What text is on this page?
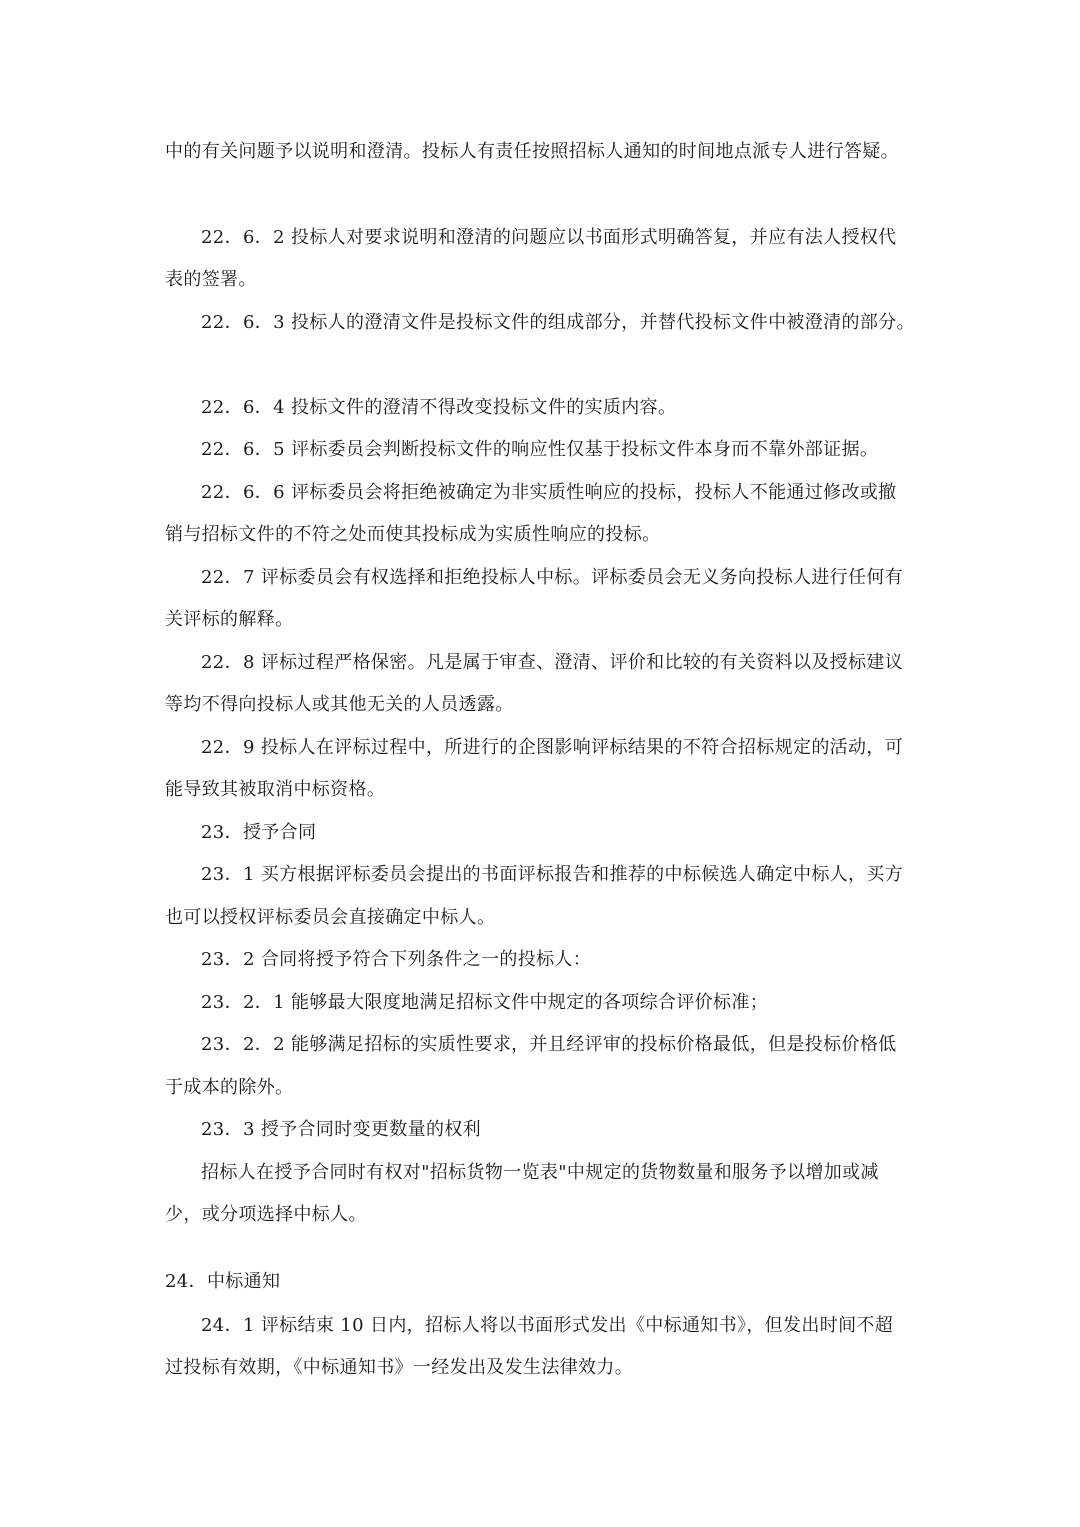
中的有关问题予以说明和澄清。投标人有责任按照招标人通知的时间地点派专人进行答疑。

22．6．2 投标人对要求说明和澄清的问题应以书面形式明确答复，并应有法人授权代

表的签署。

22．6．3 投标人的澄清文件是投标文件的组成部分，并替代投标文件中被澄清的部分。

22．6．4 投标文件的澄清不得改变投标文件的实质内容。

22．6．5 评标委员会判断投标文件的响应性仅基于投标文件本身而不靠外部证据。

22．6．6 评标委员会将拒绝被确定为非实质性响应的投标，投标人不能通过修改或撤

销与招标文件的不符之处而使其投标成为实质性响应的投标。

22．7 评标委员会有权选择和拒绝投标人中标。评标委员会无义务向投标人进行任何有

关评标的解释。

22．8 评标过程严格保密。凡是属于审查、澄清、评价和比较的有关资料以及授标建议

等均不得向投标人或其他无关的人员透露。

22．9 投标人在评标过程中，所进行的企图影响评标结果的不符合招标规定的活动，可

能导致其被取消中标资格。

23．授予合同

23．1 买方根据评标委员会提出的书面评标报告和推荐的中标候选人确定中标人，买方

也可以授权评标委员会直接确定中标人。

23．2 合同将授予符合下列条件之一的投标人：

23．2．1 能够最大限度地满足招标文件中规定的各项综合评价标准；

23．2．2 能够满足招标的实质性要求，并且经评审的投标价格最低，但是投标价格低

于成本的除外。

23．3 授予合同时变更数量的权利

招标人在授予合同时有权对"招标货物一览表"中规定的货物数量和服务予以增加或减

少，或分项选择中标人。

24．中标通知

24．1 评标结束 10 日内，招标人将以书面形式发出《中标通知书》，但发出时间不超

过投标有效期，《中标通知书》一经发出及发生法律效力。
